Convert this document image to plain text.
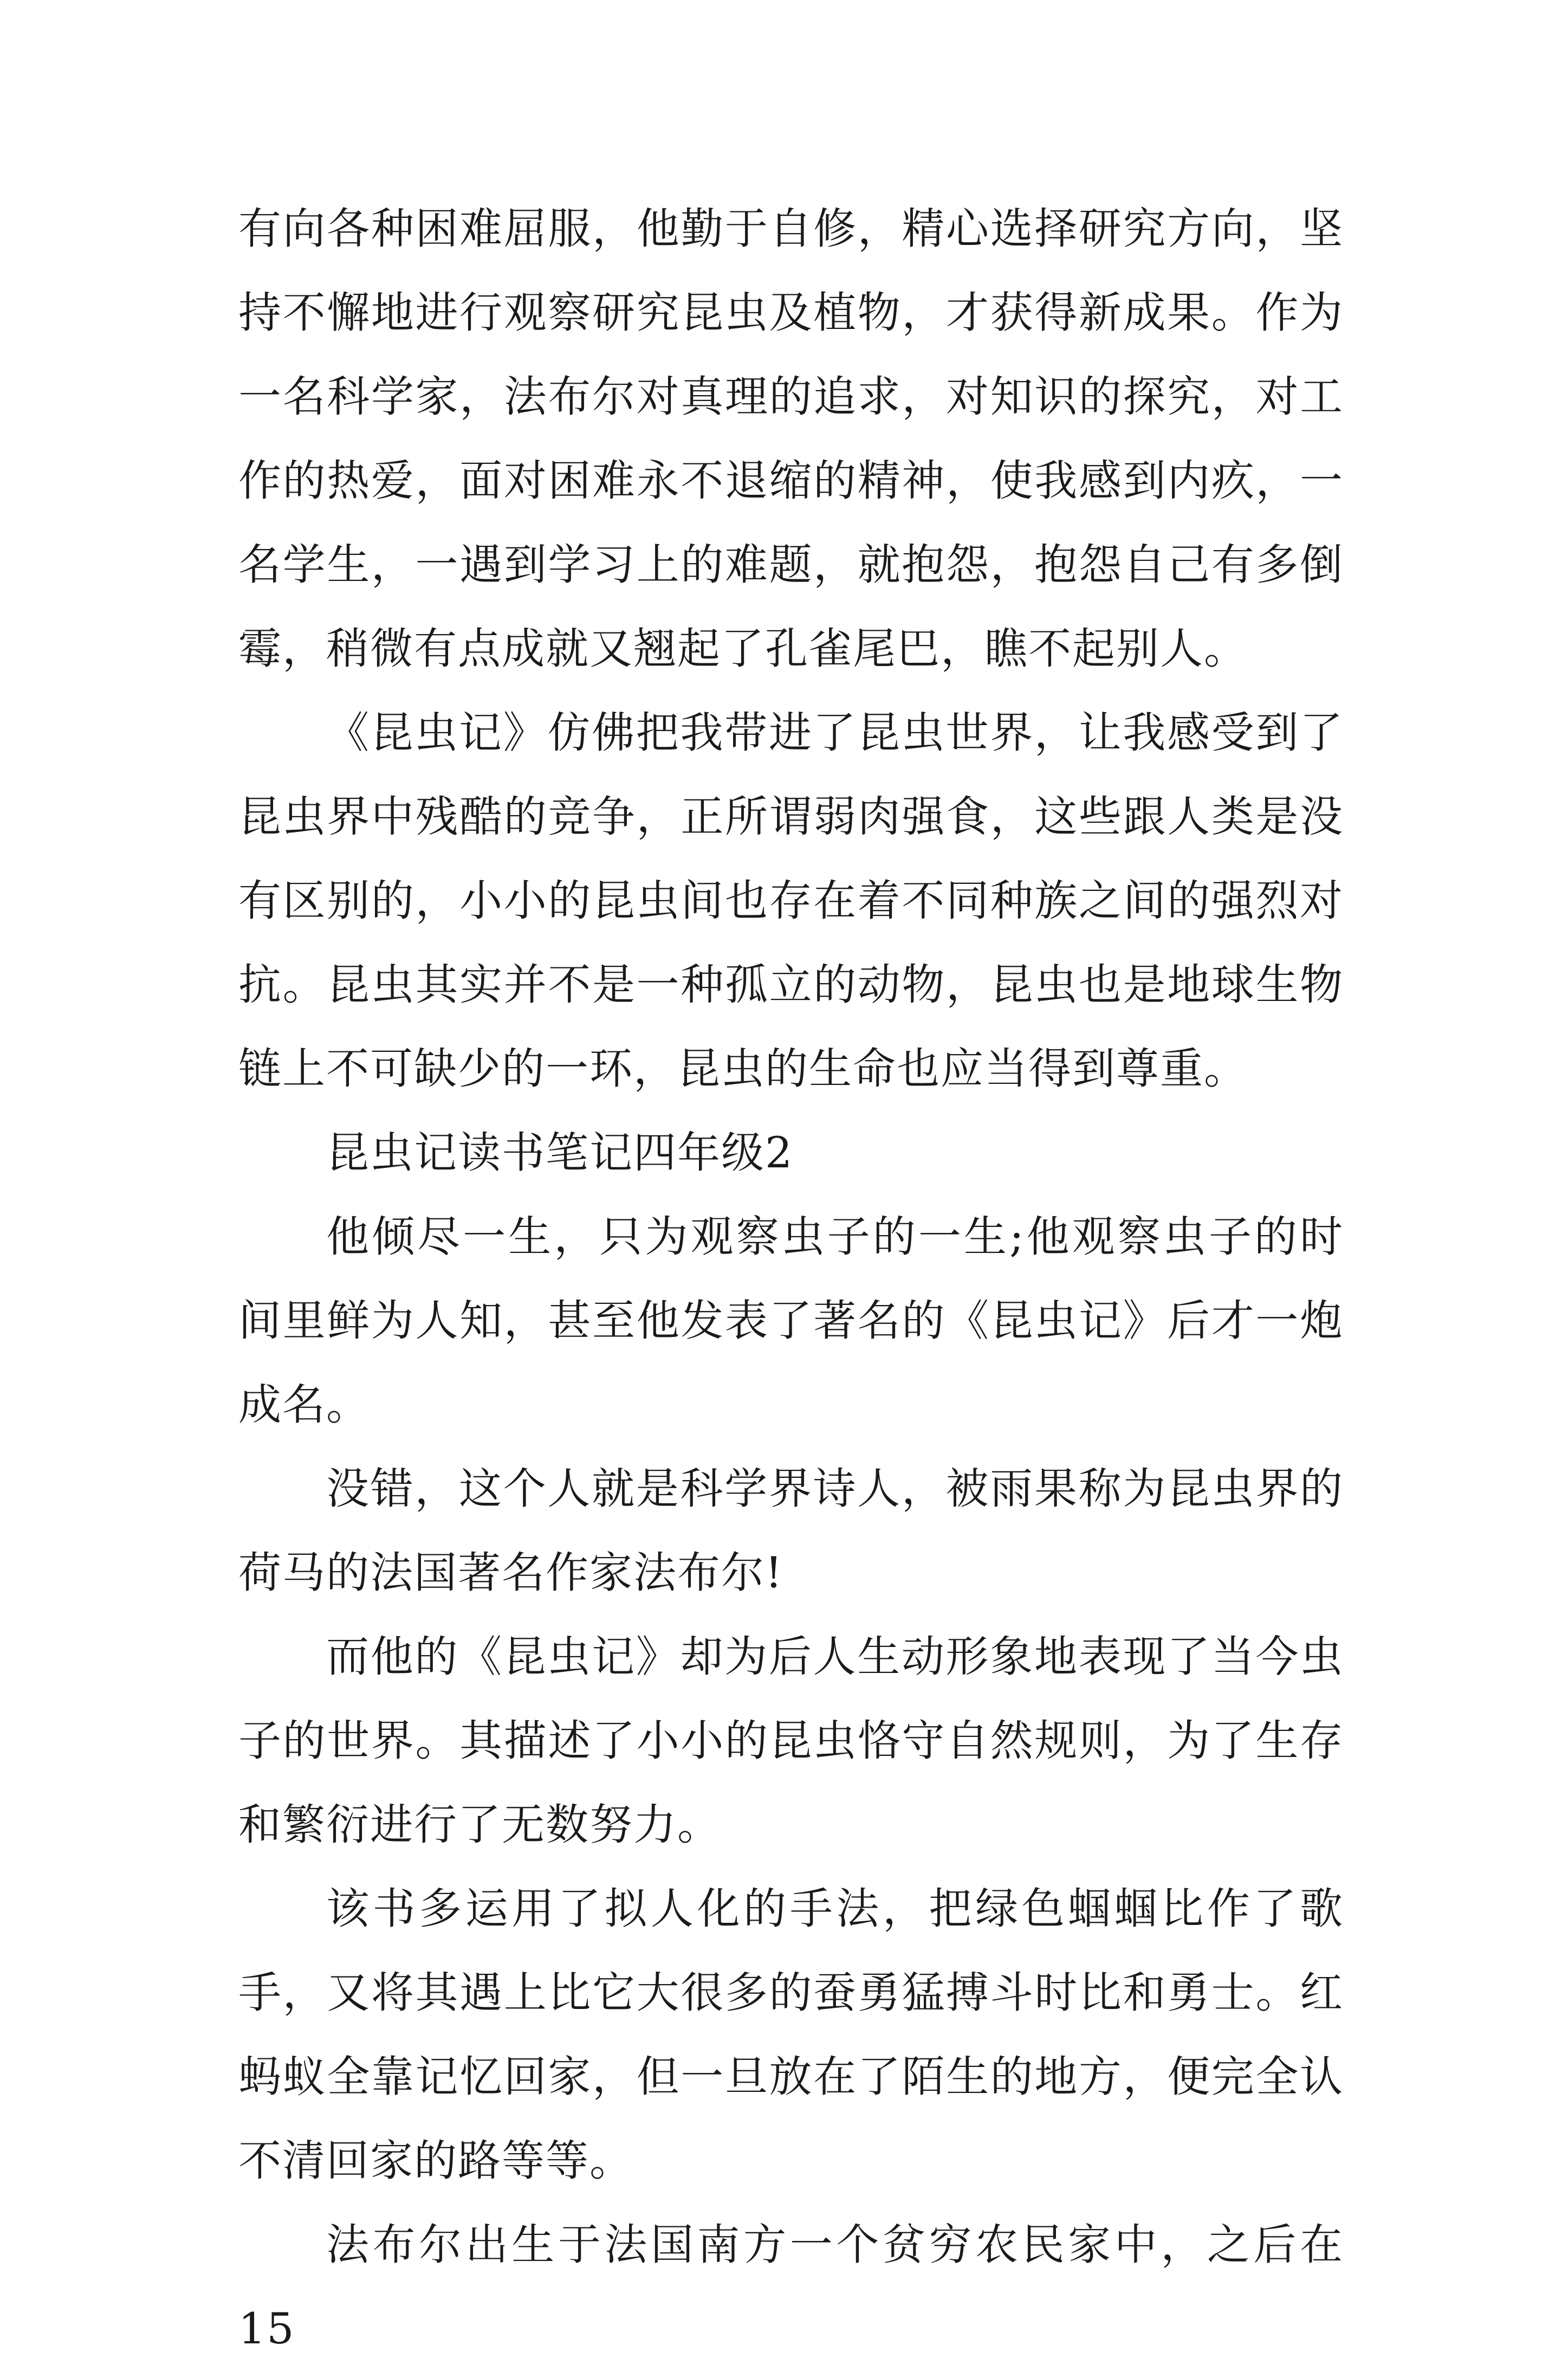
有向各种困难屈服，他勤于自修，精心选择研究方向，坚持不懈地进行观察研究昆虫及植物，才获得新成果。作为一名科学家，法布尔对真理的追求，对知识的探究，对工作的热爱，面对困难永不退缩的精神，使我感到内疚，一名学生，一遇到学习上的难题，就抱怨，抱怨自己有多倒霉，稍微有点成就又翘起了孔雀尾巴，瞧不起别人。

《昆虫记》仿佛把我带进了昆虫世界，让我感受到了昆虫界中残酷的竞争，正所谓弱肉强食，这些跟人类是没有区别的，小小的昆虫间也存在着不同种族之间的强烈对抗。昆虫其实并不是一种孤立的动物，昆虫也是地球生物链上不可缺少的一环，昆虫的生命也应当得到尊重。

昆虫记读书笔记四年级2

他倾尽一生，只为观察虫子的一生;他观察虫子的时间里鲜为人知，甚至他发表了著名的《昆虫记》后才一炮成名。

没错，这个人就是科学界诗人，被雨果称为昆虫界的荷马的法国著名作家法布尔!

而他的《昆虫记》却为后人生动形象地表现了当今虫子的世界。其描述了小小的昆虫恪守自然规则，为了生存和繁衍进行了无数努力。

该书多运用了拟人化的手法，把绿色蝈蝈比作了歌手，又将其遇上比它大很多的蚕勇猛搏斗时比和勇士。红蚂蚁全靠记忆回家，但一旦放在了陌生的地方，便完全认不清回家的路等等。

法布尔出生于法国南方一个贫穷农民家中，之后在15
